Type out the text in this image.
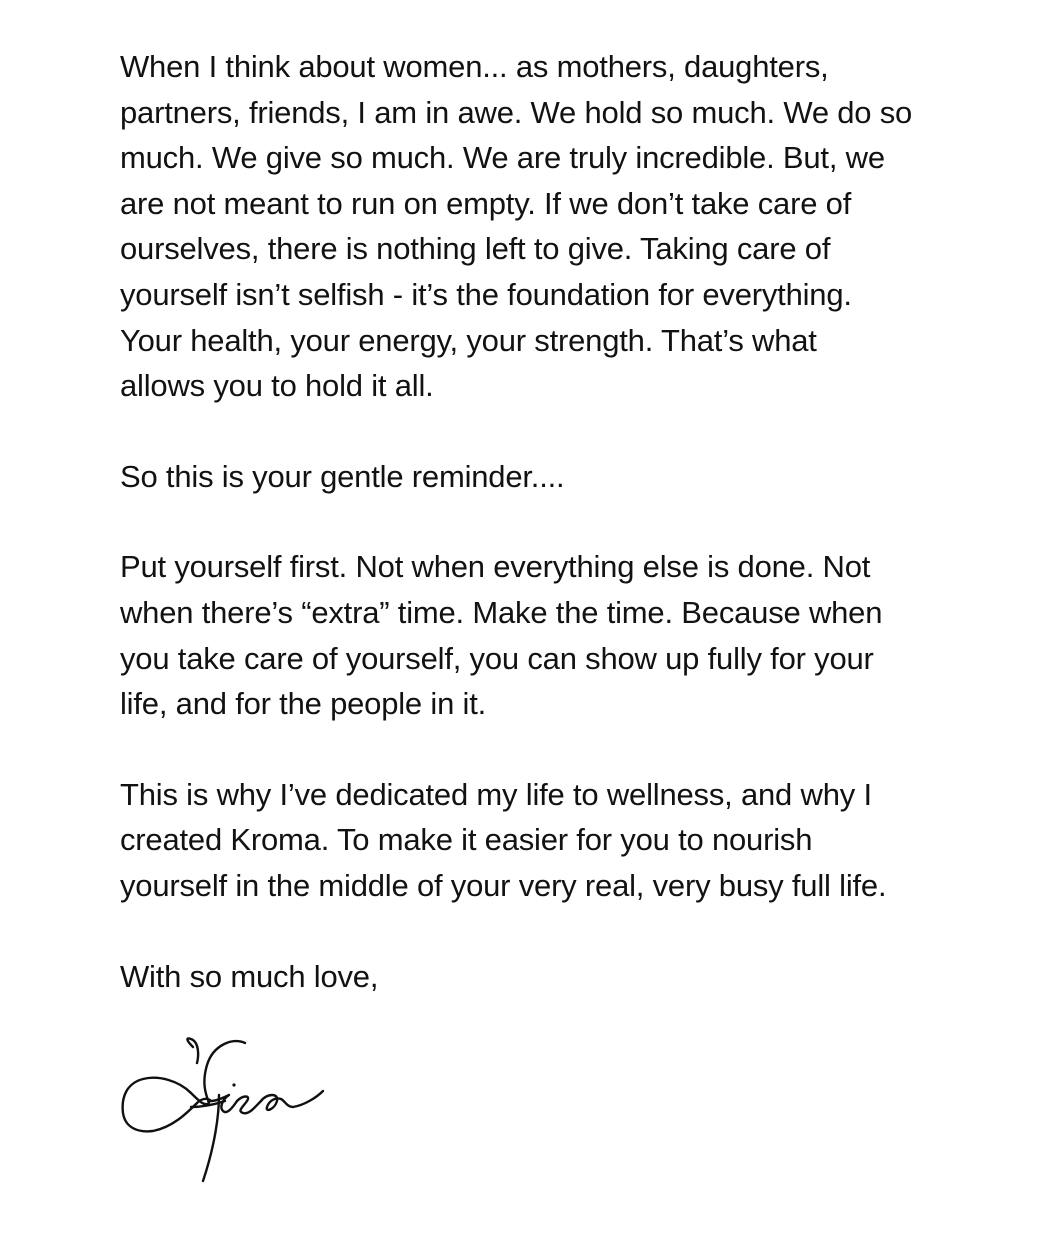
When I think about women... as mothers, daughters,
partners, friends, I am in awe. We hold so much. We do so
much. We give so much. We are truly incredible. But, we
are not meant to run on empty. If we don’t take care of
ourselves, there is nothing left to give. Taking care of
yourself isn’t selfish - it’s the foundation for everything.
Your health, your energy, your strength. That’s what
allows you to hold it all.
So this is your gentle reminder....
Put yourself first. Not when everything else is done. Not
when there’s “extra” time. Make the time. Because when
you take care of yourself, you can show up fully for your
life, and for the people in it.
This is why I’ve dedicated my life to wellness, and why I
created Kroma. To make it easier for you to nourish
yourself in the middle of your very real, very busy full life.

With so much love,
